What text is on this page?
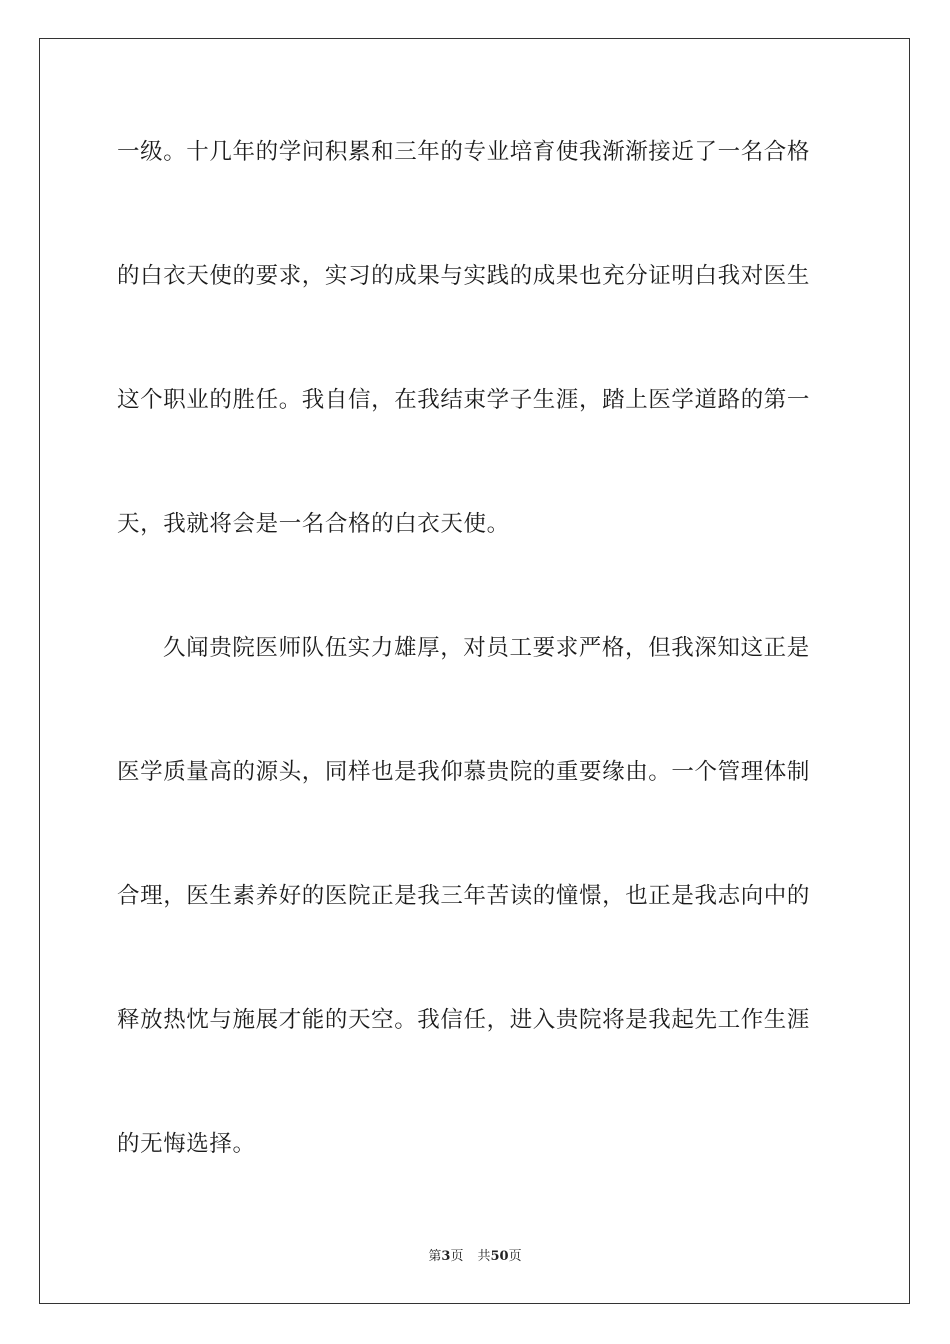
一级。十几年的学问积累和三年的专业培育使我渐渐接近了一名合格
的白衣天使的要求，实习的成果与实践的成果也充分证明白我对医生
这个职业的胜任。我自信，在我结束学子生涯，踏上医学道路的第一
天，我就将会是一名合格的白衣天使。
久闻贵院医师队伍实力雄厚，对员工要求严格，但我深知这正是
医学质量高的源头，同样也是我仰慕贵院的重要缘由。一个管理体制
合理，医生素养好的医院正是我三年苦读的憧憬，也正是我志向中的
释放热忱与施展才能的天空。我信任，进入贵院将是我起先工作生涯
的无悔选择。
第3页 共50页
